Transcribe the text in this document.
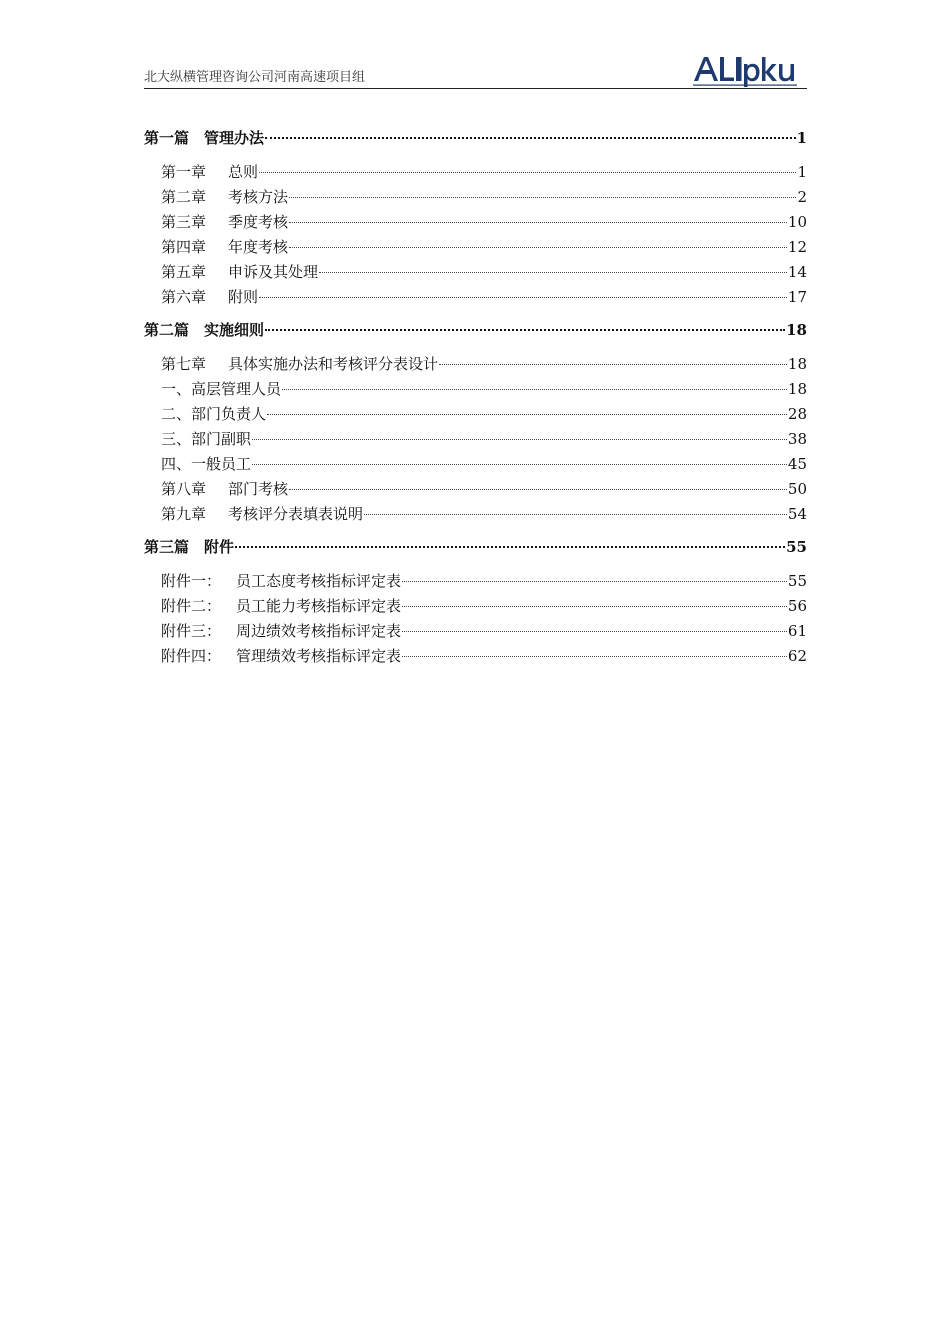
北大纵横管理咨询公司河南高速项目组
第一篇　管理办法	1
第一章 总则	1
第二章 考核方法	2
第三章 季度考核	10
第四章 年度考核	12
第五章 申诉及其处理	14
第六章 附则	17
第二篇　实施细则	18
第七章 具体实施办法和考核评分表设计	18
一、高层管理人员	18
二、部门负责人	28
三、部门副职	38
四、一般员工	45
第八章 部门考核	50
第九章 考核评分表填表说明	54
第三篇　附件	55
附件一： 员工态度考核指标评定表	55
附件二： 员工能力考核指标评定表	56
附件三： 周边绩效考核指标评定表	61
附件四： 管理绩效考核指标评定表	62
